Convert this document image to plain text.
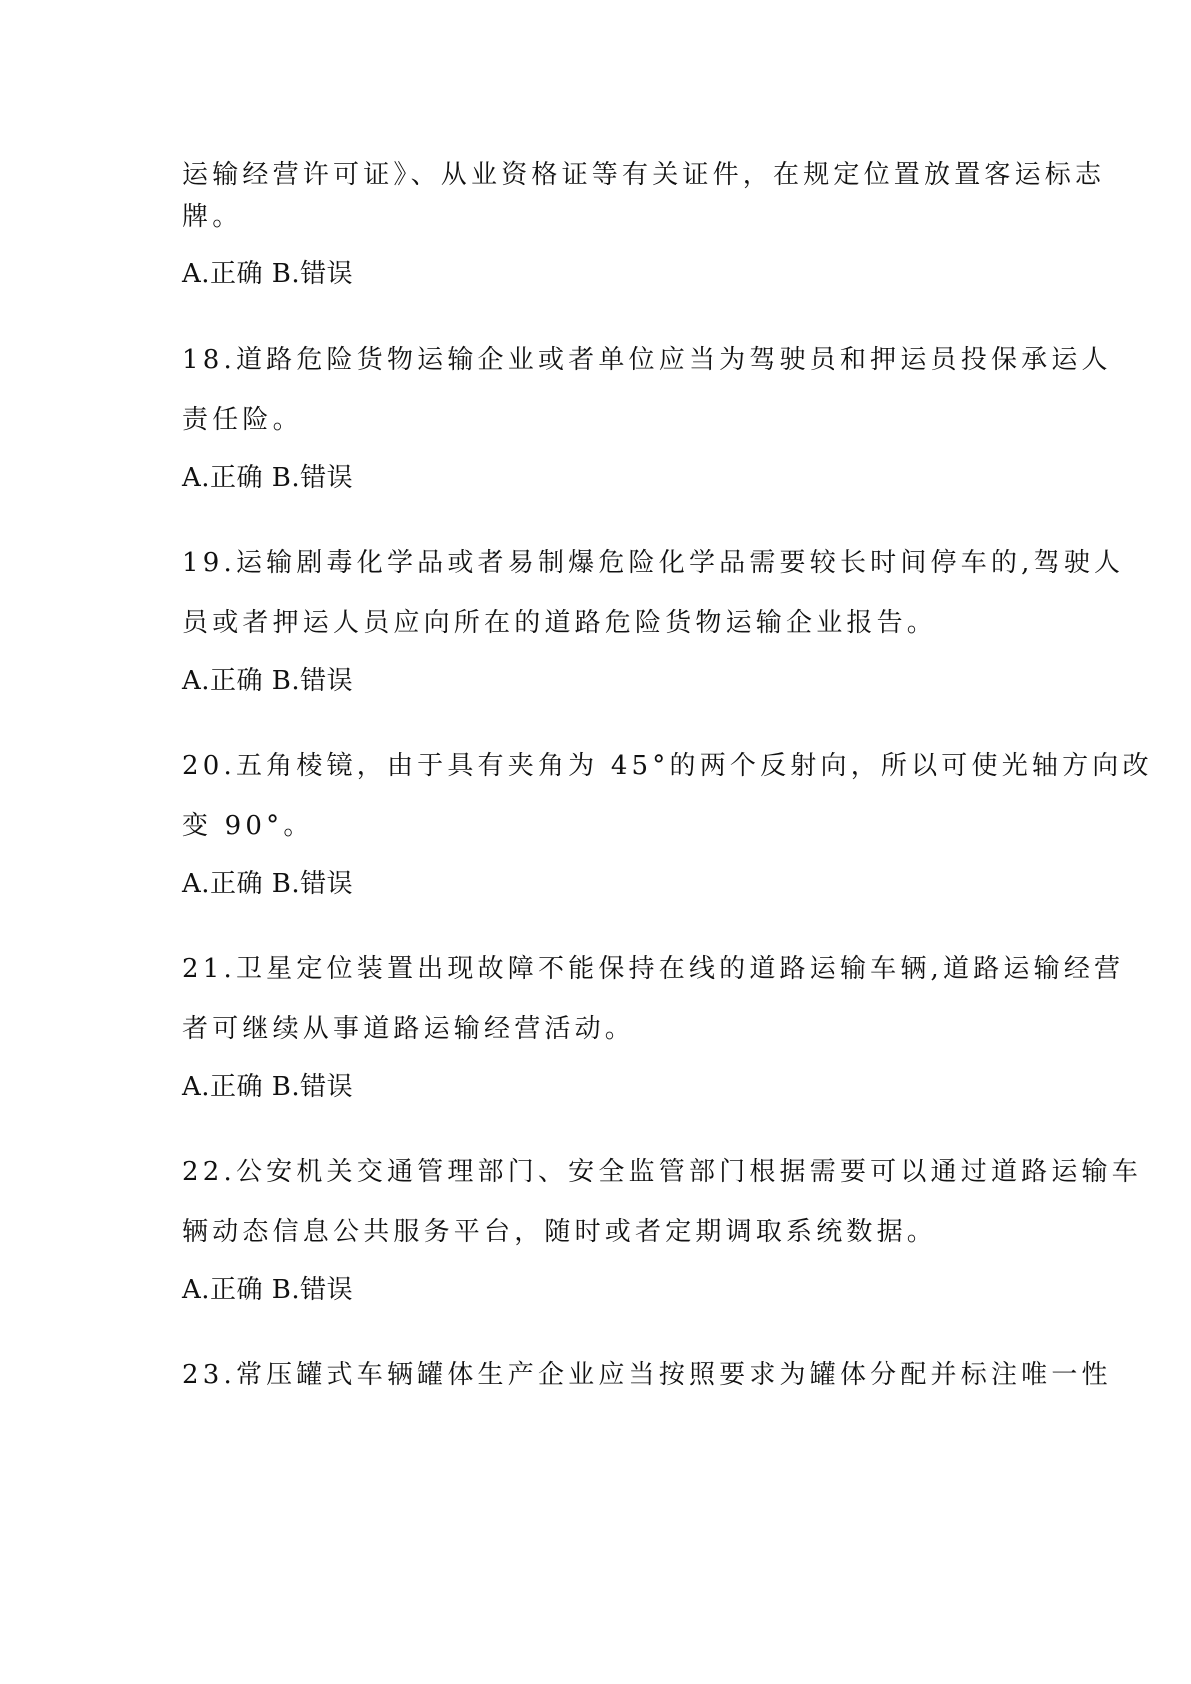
运输经营许可证》、从业资格证等有关证件，在规定位置放置客运标志
牌。
A.正确 B.错误
18.道路危险货物运输企业或者单位应当为驾驶员和押运员投保承运人
责任险。
A.正确 B.错误
19.运输剧毒化学品或者易制爆危险化学品需要较长时间停车的,驾驶人
员或者押运人员应向所在的道路危险货物运输企业报告。
A.正确 B.错误
20.五角棱镜，由于具有夹角为 45°的两个反射向，所以可使光轴方向改
变 90°。
A.正确 B.错误
21.卫星定位装置出现故障不能保持在线的道路运输车辆,道路运输经营
者可继续从事道路运输经营活动。
A.正确 B.错误
22.公安机关交通管理部门、安全监管部门根据需要可以通过道路运输车
辆动态信息公共服务平台，随时或者定期调取系统数据。
A.正确 B.错误
23.常压罐式车辆罐体生产企业应当按照要求为罐体分配并标注唯一性
